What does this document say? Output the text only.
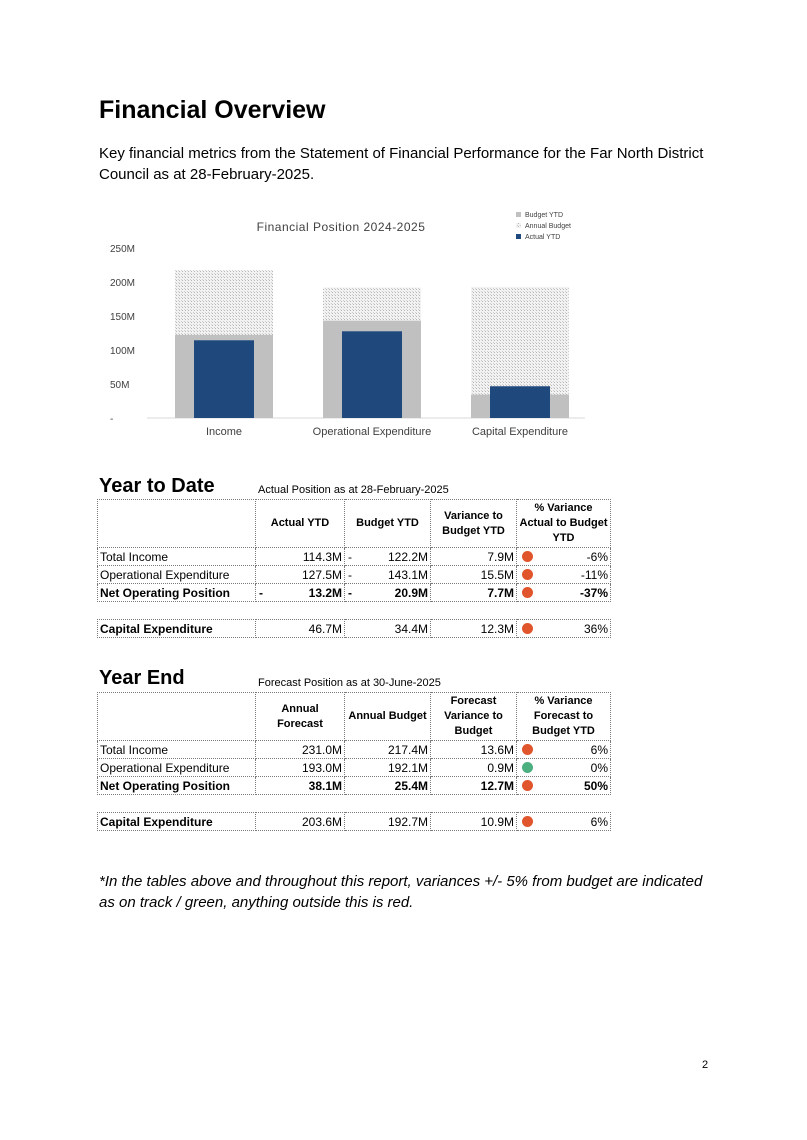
Financial Overview

Key financial metrics from the Statement of Financial Performance for the Far North District Council as at 28-February-2025.

Financial Position 2024-2025
-
50M
100M
150M
200M
250M
Income	Operational Expenditure	Capital Expenditure
Budget YTD
Annual Budget
Actual YTD
Year to Date	Actual Position as at 28-February-2025
	Actual YTD	Budget YTD	Variance to Budget YTD	% Variance Actual to Budget YTD
Total Income	114.3M	- 122.2M	7.9M	-6%
Operational Expenditure	127.5M	- 143.1M	15.5M	-11%
Net Operating Position	- 13.2M	- 20.9M	7.7M	-37%
Capital Expenditure	46.7M	34.4M	12.3M	36%
Year End	Forecast Position as at 30-June-2025
	Annual Forecast	Annual Budget	Forecast Variance to Budget	% Variance Forecast to Budget YTD
Total Income	231.0M	217.4M	13.6M	6%
Operational Expenditure	193.0M	192.1M	0.9M	0%
Net Operating Position	38.1M	25.4M	12.7M	50%
Capital Expenditure	203.6M	192.7M	10.9M	6%

*In the tables above and throughout this report, variances +/- 5% from budget are indicated as on track / green, anything outside this is red.

2
